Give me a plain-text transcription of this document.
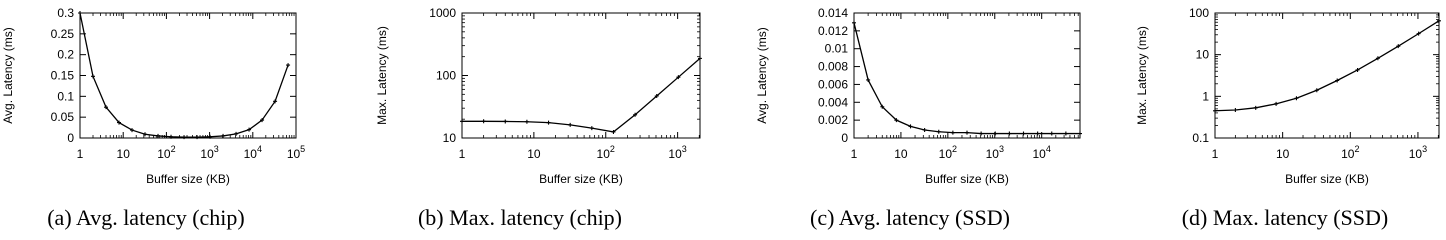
1	10 $10^2$ $10^3$ $10^4$ $10^5$
0
0.05
0.1
0.15
0.2
0.25
0.3
Buffer size (KB)
Avg. Latency (ms)
1	10	$10^2$	$10^3$
10
100
1000
Buffer size (KB)
Max. Latency (ms)
1	10	$10^2$ $10^3$ $10^4$
0
0.002
0.004
0.006
0.008
0.01
0.012
0.014
Buffer size (KB)
Avg. Latency (ms)
1	10	$10^2$	$10^3$
0.1
1
10
100
Buffer size (KB)
Max. Latency (ms)
(a) Avg. latency (chip)	(b) Max. latency (chip)	(c) Avg. latency (SSD)	(d) Max. latency (SSD)
